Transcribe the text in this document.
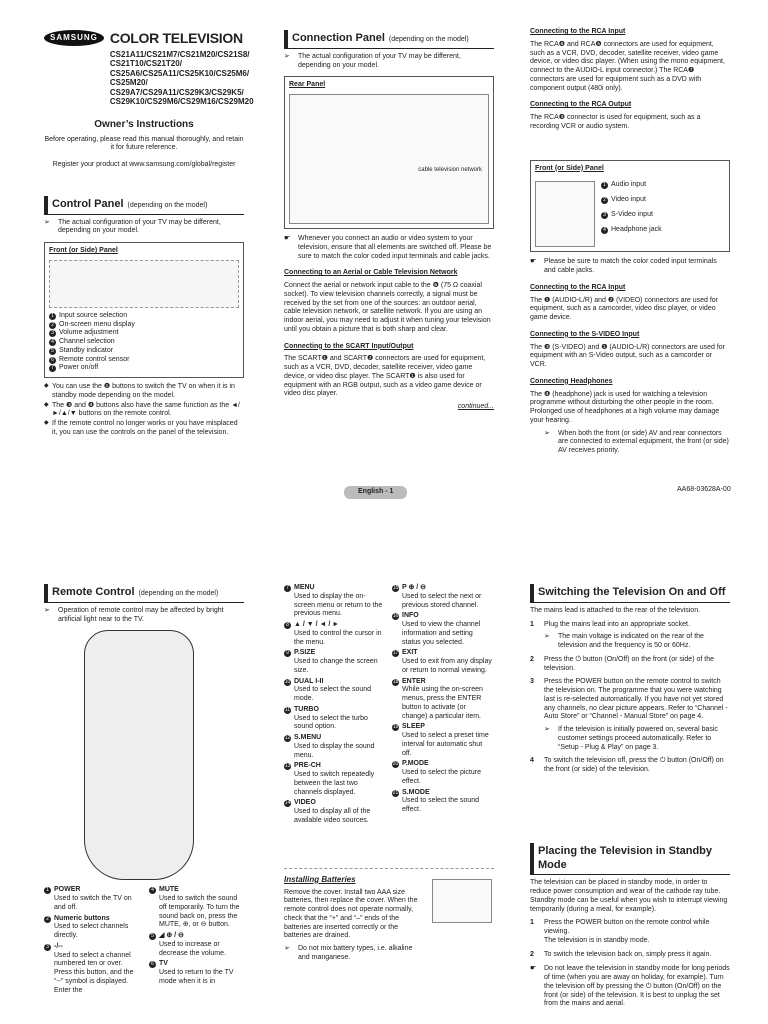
SAMSUNG COLOR TELEVISION
CS21A11/CS21M7/CS21M20/CS21S8/ CS21T10/CS21T20/ CS25A6/CS25A11/CS25K10/CS25M6/ CS25M20/ CS29A7/CS29A11/CS29K3/CS29K5/ CS29K10/CS29M6/CS29M16/CS29M20
Owner’s Instructions
Before operating, please read this manual thoroughly, and retain it for future reference.
Register your product at www.samsung.com/global/register
Control Panel (depending on the model)
➢	The actual configuration of your TV may be different, depending on your model.
Front (or Side) Panel
1 Input source selection
2 On-screen menu display
3 Volume adjustment
4 Channel selection
5 Standby indicator
6 Remote control sensor
7 Power on/off
◆ You can use the ❶ buttons to switch the TV on when it is in standby mode depending on the model.
◆ The ❸ and ❹ buttons also have the same function as the ◄/►/▲/▼ buttons on the remote control.
◆ If the remote control no longer works or you have misplaced it, you can use the controls on the panel of the television.
Connection Panel (depending on the model)
➢	The actual configuration of your TV may be different, depending on your model.
Rear Panel
cable television network
☛	Whenever you connect an audio or video system to your television, ensure that all elements are switched off. Please be sure to match the color coded input terminals and cable jacks.
Connecting to an Aerial or Cable Television Network
Connect the aerial or network input cable to the ❻ (75 Ω coaxial socket). To view television channels correctly, a signal must be received by the set from one of the sources: an outdoor aerial, cable television network, or satellite network. If you are using an indoor aerial, you may need to adjust it when tuning your television until you obtain a picture that is both sharp and clear.
Connecting to the SCART Input/Output
The SCART❶ and SCART❷ connectors are used for equipment, such as a VCR, DVD, decoder, satellite receiver, video game device, or video disc player. The SCART❶ is also used for equipment with an RGB output, such as a video game device or video disc player.
continued...
Connecting to the RCA Input
The RCA❹ and RCA❺ connectors are used for equipment, such as a VCR, DVD, decoder, satellite receiver, video game device, or video disc player. (When using the mono equipment, connect to the AUDIO-L input connector.) The RCA❼ connectors are used for equipment such as a DVD with component output (480i only).
Connecting to the RCA Output
The RCA❸ connector is used for equipment, such as a recording VCR or audio system.
Front (or Side) Panel
1 Audio input
2 Video input
3 S-Video input
4 Headphone jack
☛	Please be sure to match the color coded input terminals and cable jacks.
Connecting to the RCA Input
The ❶ (AUDIO-L/R) and ❷ (VIDEO) connectors are used for equipment, such as a camcorder, video disc player, or video game device.
Connecting to the S-VIDEO Input
The ❸ (S-VIDEO) and ❶ (AUDIO-L/R) connectors are used for equipment with an S-Video output, such as a camcorder or VCR.
Connecting Headphones
The ❹ (headphone) jack is used for watching a television programme without disturbing the other people in the room. Prolonged use of headphones at a high volume may damage your hearing.
➢	When both the front (or side) AV and rear connectors are connected to external equipment, the front (or side) AV receives priority.
English - 1	AA68-03628A-00
Remote Control (depending on the model)
➢	Operation of remote control may be affected by bright artificial light near to the TV.
1 POWER
Used to switch the TV on and off.
2 Numeric buttons
Used to select channels directly.
3 -/--
Used to select a channel numbered ten or over. Press this button, and the “--” symbol is displayed. Enter the
4 MUTE
Used to switch the sound off temporarily. To turn the sound back on, press the MUTE, ⊕, or ⊖ button.
5 ◢ ⊕ / ⊖
Used to increase or decrease the volume.
6 TV
Used to return to the TV mode when it is in
7 MENU
Used to display the on-screen menu or return to the previous menu.
8 ▲ / ▼ / ◄ / ►
Used to control the cursor in the menu.
9 P.SIZE
Used to change the screen size.
10 DUAL I-II
Used to select the sound mode.
11 TURBO
Used to select the turbo sound option.
12 S.MENU
Used to display the sound menu.
13 PRE-CH
Used to switch repeatedly between the last two channels displayed.
14 VIDEO
Used to display all of the available video sources.
15 P ⊕ / ⊖
Used to select the next or previous stored channel.
16 INFO
Used to view the channel information and setting status you selected.
17 EXIT
Used to exit from any display or return to normal viewing.
18 ENTER
While using the on-screen menus, press the ENTER button to activate (or change) a particular item.
19 SLEEP
Used to select a preset time interval for automatic shut off.
20 P.MODE
Used to select the picture effect.
21 S.MODE
Used to select the sound effect.
Installing Batteries
Remove the cover. Install two AAA size batteries, then replace the cover. When the remote control does not operate normally, check that the “+” and “–” ends of the batteries are inserted correctly or the batteries are drained.
➢	Do not mix battery types, i.e. alkaline and manganese.
Switching the Television On and Off
The mains lead is attached to the rear of the television.
1	Plug the mains lead into an appropriate socket.
➢	The main voltage is indicated on the rear of the television and the frequency is 50 or 60Hz.
2	Press the ⏻ button (On/Off) on the front (or side) of the television.
3	Press the POWER button on the remote control to switch the television on. The programme that you were watching last is re-selected automatically. If you have not yet stored any channels, no clear picture appears. Refer to “Channel - Auto Store” or “Channel - Manual Store” on page 4.
➢	If the television is initially powered on, several basic customer settings proceed automatically. Refer to “Setup - Plug & Play” on page 3.
4	To switch the television off, press the ⏻ button (On/Off) on the front (or side) of the television.
Placing the Television in Standby Mode
The television can be placed in standby mode, in order to reduce power consumption and wear of the cathode ray tube. Standby mode can be useful when you wish to interrupt viewing temporarily (during a meal, for example).
1	Press the POWER button on the remote control while viewing.
The television is in standby mode.
2	To switch the television back on, simply press it again.
☛	Do not leave the television in standby mode for long periods of time (when you are away on holiday, for example). Turn the television off by pressing the ⏻ button (On/Off) on the front (or side) of the television. It is best to unplug the set from the mains and aerial.
